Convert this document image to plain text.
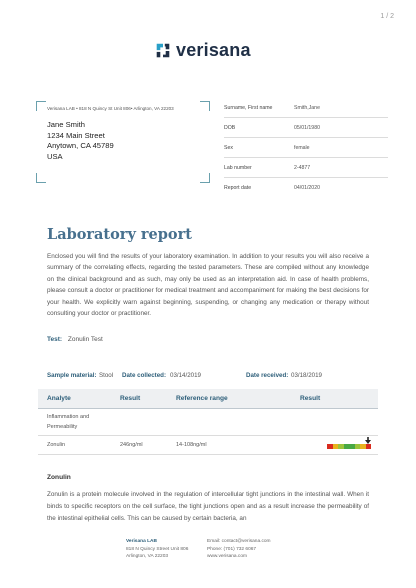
1 / 2
verisana
Verisana LAB • 818 N Quincy St Unit 806• Arlington, VA 22203
Jane Smith
1234 Main Street
Anytown, CA 45789
USA
Surname, First name	Smith,Jane
DOB	05/01/1980
Sex	female
Lab number	2-4877
Report date	04/01/2020
Laboratory report
Enclosed you will find the results of your laboratory examination. In addition to your results you will also receive a summary of the correlating effects, regarding the tested parameters. These are compiled without any knowledge on the clinical background and as such, may only be used as an interpretation aid. In case of health problems, please consult a doctor or practitioner for medical treatment and accompaniment for making the best decisions for your health. We explicitly warn against beginning, suspending, or changing any medication or therapy without consulting your doctor or practitioner.
Test: Zonulin Test
Sample material: Stool Date collected: 03/14/2019	Date received: 03/18/2019
Analyte	Result	Reference range	Result
Inflammation and
Permeability
Zonulin	246ng/ml	14-108ng/ml
Zonulin
Zonulin is a protein molecule involved in the regulation of intercellular tight junctions in the intestinal wall. When it binds to specific receptors on the cell surface, the tight junctions open and as a result increase the permeability of the intestinal epithelial cells. This can be caused by certain bacteria, an
Verisana LAB
818 N Quincy Street Unit 806
Arlington, VA 22203
Email: contact@verisana.com
Phone: (701) 732 6067
www.verisana.com
